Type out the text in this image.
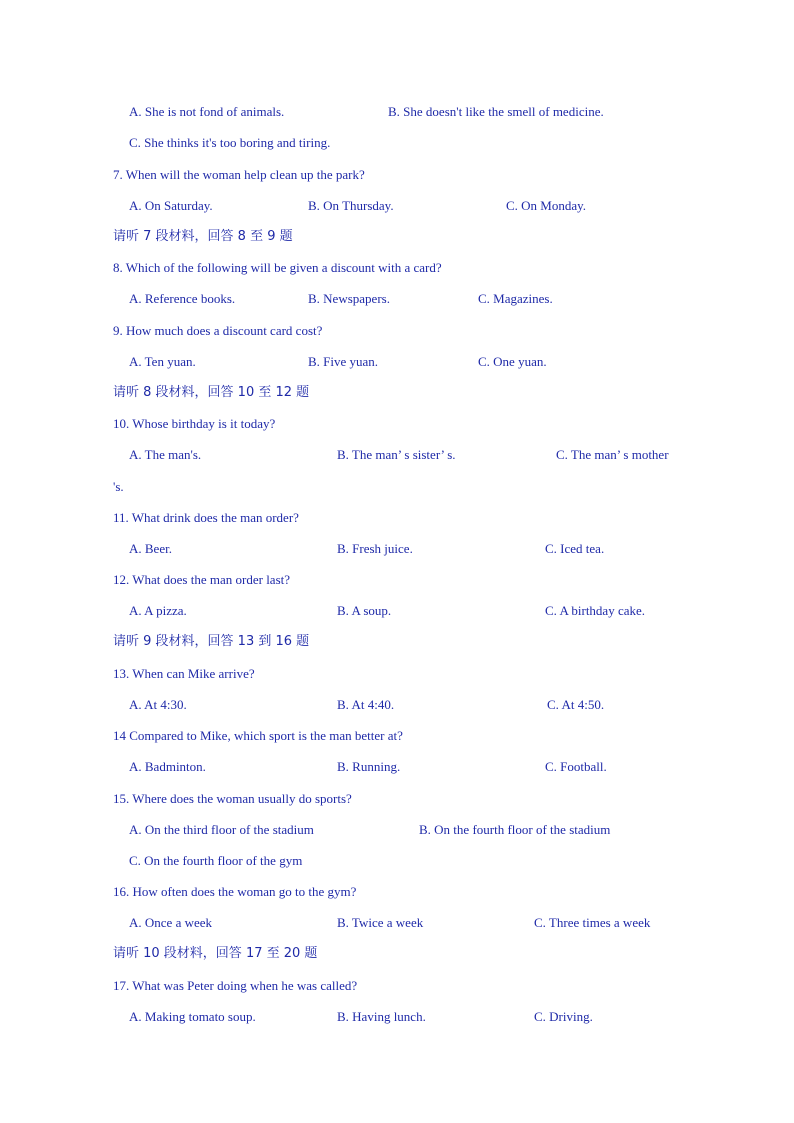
A. She is not fond of animals.	B. She doesn't like the smell of medicine.
C. She thinks it's too boring and tiring.
7. When will the woman help clean up the park?
A. On Saturday.	B. On Thursday.	C. On Monday.
请听 7 段材料，回答 8 至 9 题
8. Which of the following will be given a discount with a card?
A. Reference books.	B. Newspapers.	C. Magazines.
9. How much does a discount card cost?
A. Ten yuan.	B. Five yuan.	C. One yuan.
请听 8 段材料，回答 10 至 12 题
10. Whose birthday is it today?
A. The man's.	B. The man’ s sister’ s.	C. The man’ s mother
's.
11. What drink does the man order?
A. Beer.	B. Fresh juice.	C. Iced tea.
12. What does the man order last?
A. A pizza.	B. A soup.	C. A birthday cake.
请听 9 段材料，回答 13 到 16 题
13. When can Mike arrive?
A. At 4:30.	B. At 4:40.	C. At 4:50.
14 Compared to Mike, which sport is the man better at?
A. Badminton.	B. Running.	C. Football.
15. Where does the woman usually do sports?
A. On the third floor of the stadium	B. On the fourth floor of the stadium
C. On the fourth floor of the gym
16. How often does the woman go to the gym?
A. Once a week	B. Twice a week	C. Three times a week
请听 10 段材料，回答 17 至 20 题
17. What was Peter doing when he was called?
A. Making tomato soup.	B. Having lunch.	C. Driving.
